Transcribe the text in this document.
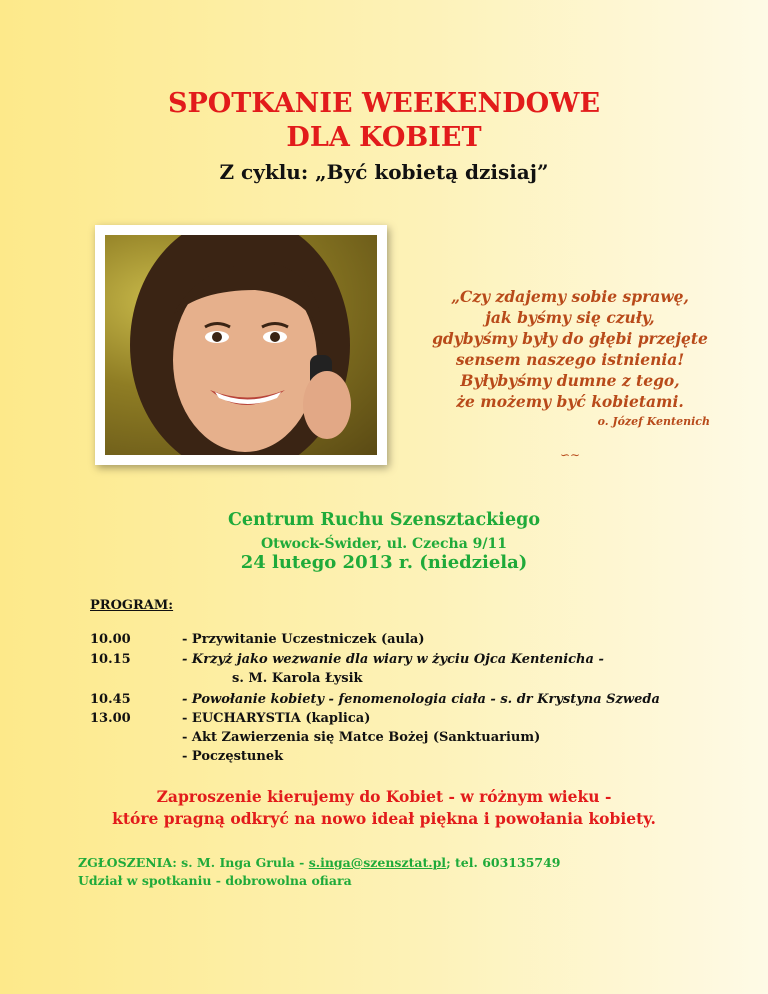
SPOTKANIE WEEKENDOWE
DLA KOBIET
Z cyklu: „Być kobietą dzisiaj”
„Czy zdajemy sobie sprawę,
jak byśmy się czuły,
gdybyśmy były do głębi przejęte
sensem naszego istnienia!
Byłybyśmy dumne z tego,
że możemy być kobietami.
o. Józef Kentenich
∽∼
Centrum Ruchu Szensztackiego
Otwock-Świder, ul. Czecha 9/11
24 lutego 2013 r. (niedziela)
PROGRAM:
10.00	- Przywitanie Uczestniczek (aula)
10.15	- Krzyż jako wezwanie dla wiary w życiu Ojca Kentenicha -
s. M. Karola Łysik
10.45	- Powołanie kobiety - fenomenologia ciała - s. dr Krystyna Szweda
13.00	- EUCHARYSTIA (kaplica)
- Akt Zawierzenia się Matce Bożej (Sanktuarium)
- Poczęstunek
Zaproszenie kierujemy do Kobiet - w różnym wieku -
które pragną odkryć na nowo ideał piękna i powołania kobiety.
ZGŁOSZENIA: s. M. Inga Grula - s.inga@szensztat.pl; tel. 603135749
Udział w spotkaniu - dobrowolna ofiara
